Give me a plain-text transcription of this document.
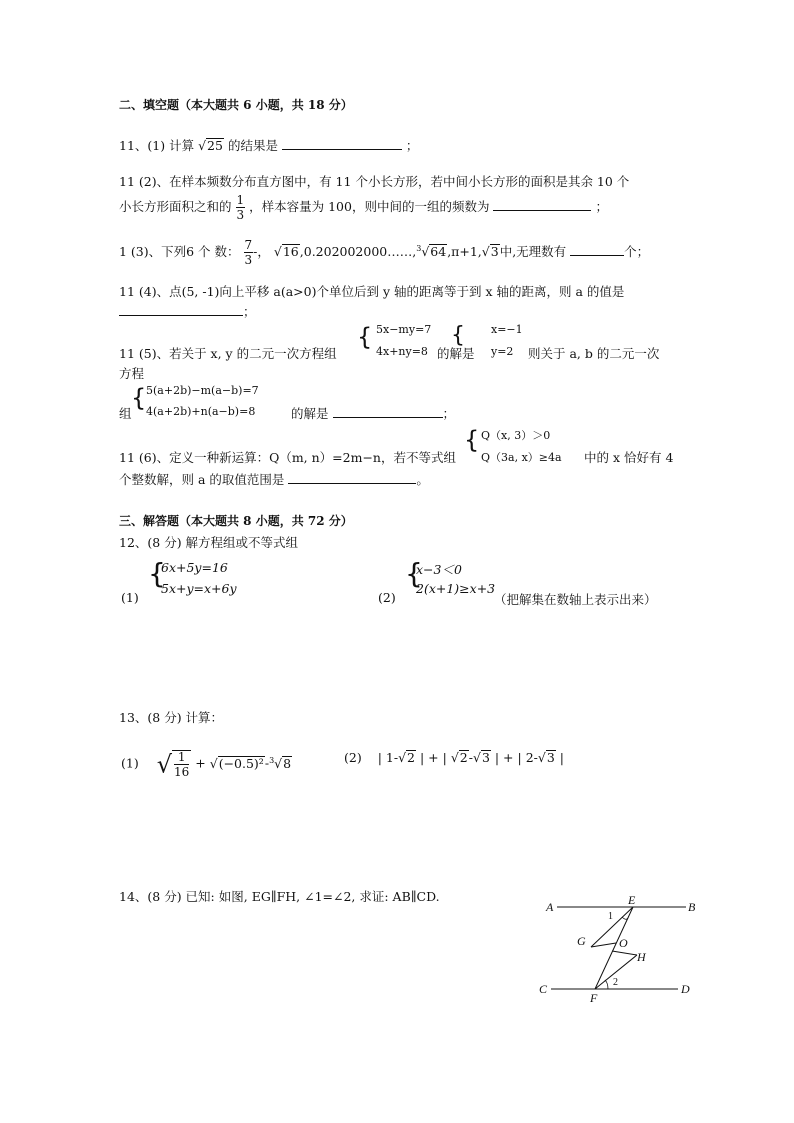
二、填空题（本大题共 6 小题，共 18 分）
11、(1) 计算 √25 的结果是	；
11 (2)、在样本频数分布直方图中，有 11 个小长方形，若中间小长方形的面积是其余 10 个
小长方形面积之和的 $\frac{1}{3}$ ，样本容量为 100，则中间的一组的频数为	；
1 (3)、下列6 个 数： $\frac{7}{3}$ -， √16,0.202002000……,$^3$√64,π+1,√3中,无理数有	个；
11 (4)、点(5, -1)向上平移 a(a>0)个单位后到 y 轴的距离等于到 x 轴的距离，则 a 的值是
；
{ 5x−my=7
4x+ny=8
{ x=−1
y=2
11 (5)、若关于 x, y 的二元一次方程组	的解是	则关于 a, b 的二元一次
方程
{ 5(a+2b)−m(a−b)=7
组 4(a+2b)+n(a−b)=8	的解是	；
{ Q（x, 3）＞0
Q（3a, x）≥4a
11 (6)、定义一种新运算：Q（m, n）=2m−n，若不等式组	中的 x 恰好有 4
个整数解，则 a 的取值范围是	。
三、解答题（本大题共 8 小题，共 72 分）
12、(8 分) 解方程组或不等式组
(1)
{
6x+5y=16
5x+y=x+6y
(2)
{
x−3＜0
2(x+1)≥x+3
（把解集在数轴上表示出来）
13、(8 分) 计算：
(1) √ $\frac{1}{16} + √(-0.5)^2-^3√8$	(2) | 1-√2 | + | √2-√3 | + | 2-√3 |
14、(8 分) 已知: 如图, EG∥FH, ∠1=∠2, 求证: AB∥CD.
A	B
C	D
E
F
G
H
O
1
2
